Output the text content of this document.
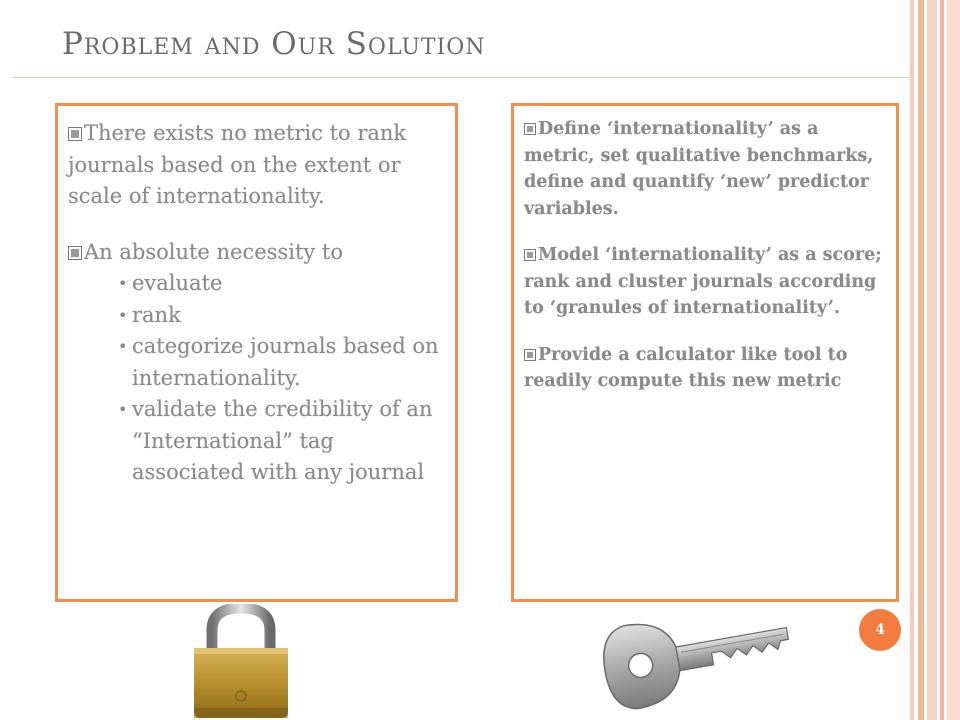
Problem and Our Solution
There exists no metric to rank journals based on the extent or scale of internationality.
An absolute necessity to
• evaluate
• rank
• categorize journals based on internationality.
• validate the credibility of an “International” tag associated with any journal
Define ‘internationality’ as a metric, set qualitative benchmarks, define and quantify ‘new’ predictor variables.
Model ‘internationality’ as a score; rank and cluster journals according to ‘granules of internationality’.
Provide a calculator like tool to readily compute this new metric
4
